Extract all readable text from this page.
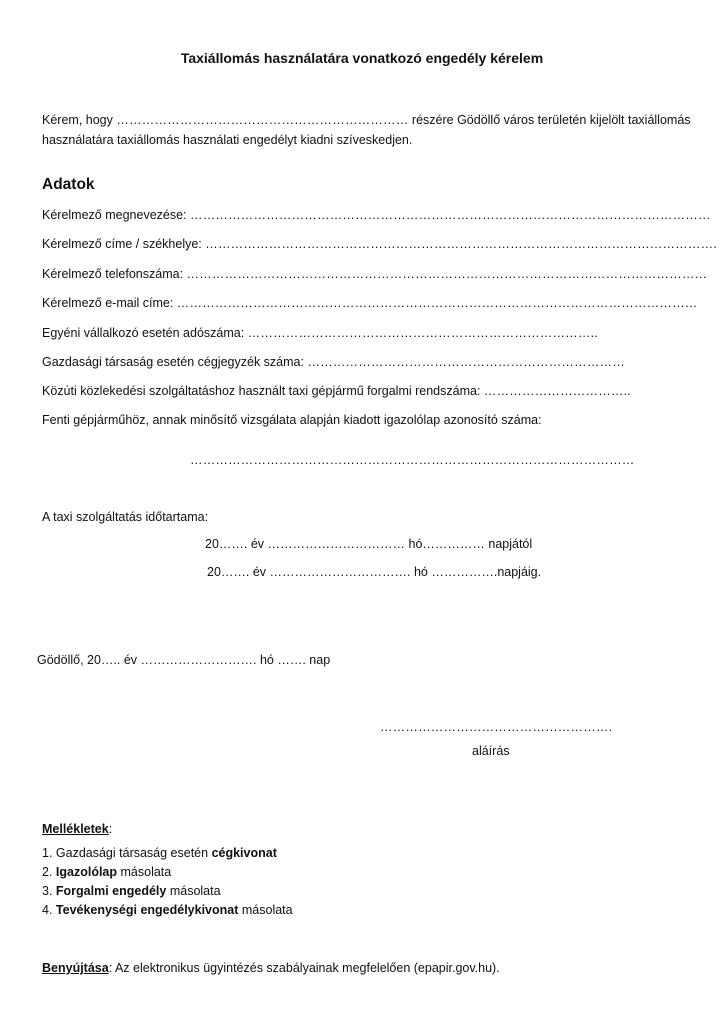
Taxiállomás használatára vonatkozó engedély kérelem
Kérem, hogy …………………………………………………………… részére Gödöllő város területén kijelölt taxiállomás
használatára taxiállomás használati engedélyt kiadni szíveskedjen.
Adatok
Kérelmező megnevezése: ……………………………………………………………………………………………………………
Kérelmező címe / székhelye: ………………………………………………………………………………………………………….
Kérelmező telefonszáma: ……………………………………………………………………………………………………………
Kérelmező e-mail címe: ……………………………………………………………………………………………………………
Egyéni vállalkozó esetén adószáma: ………………………………………………………………………..
Gazdasági társaság esetén cégjegyzék száma: …………………………………………………………………
Közúti közlekedési szolgáltatáshoz használt taxi gépjármű forgalmi rendszáma: ……………………………..
Fenti gépjárműhöz, annak minősítő vizsgálata alapján kiadott igazolólap azonosító száma:
……………………………………………………………………………………………
A taxi szolgáltatás időtartama:
20……. év …………………………… hó…………… napjától
20……. év ……………………………. hó …………….napjáig.
Gödöllő, 20….. év ………………………. hó ……. nap
……………………………………………….
aláírás
Mellékletek:
1. Gazdasági társaság esetén cégkivonat
2. Igazolólap másolata
3. Forgalmi engedély másolata
4. Tevékenységi engedélykivonat másolata
Benyújtása: Az elektronikus ügyintézés szabályainak megfelelően (epapir.gov.hu).
